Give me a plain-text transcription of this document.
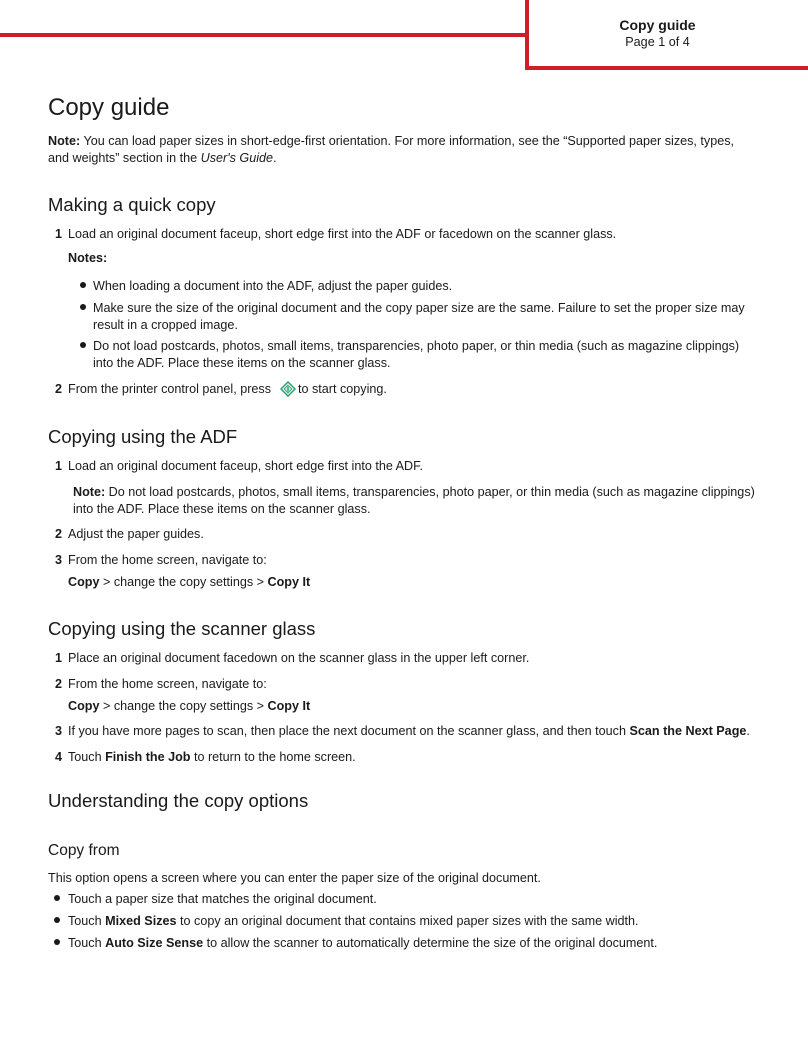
Copy guide
Page 1 of 4
Copy guide

Note: You can load paper sizes in short-edge-first orientation. For more information, see the “Supported paper sizes, types, and weights” section in the User's Guide.

Making a quick copy
1 Load an original document faceup, short edge first into the ADF or facedown on the scanner glass.

Notes:

When loading a document into the ADF, adjust the paper guides.

Make sure the size of the original document and the copy paper size are the same. Failure to set the proper size may result in a cropped image.

Do not load postcards, photos, small items, transparencies, photo paper, or thin media (such as magazine clippings) into the ADF. Place these items on the scanner glass.

2 From the printer control panel, press  to start copying.

Copying using the ADF
1 Load an original document faceup, short edge first into the ADF.

Note: Do not load postcards, photos, small items, transparencies, photo paper, or thin media (such as magazine clippings) into the ADF. Place these items on the scanner glass.

2 Adjust the paper guides.

3 From the home screen, navigate to:

Copy > change the copy settings > Copy It

Copying using the scanner glass
1 Place an original document facedown on the scanner glass in the upper left corner.

2 From the home screen, navigate to:

Copy > change the copy settings > Copy It

3 If you have more pages to scan, then place the next document on the scanner glass, and then touch Scan the Next Page.

4 Touch Finish the Job to return to the home screen.

Understanding the copy options
Copy from

This option opens a screen where you can enter the paper size of the original document.

Touch a paper size that matches the original document.

Touch Mixed Sizes to copy an original document that contains mixed paper sizes with the same width.

Touch Auto Size Sense to allow the scanner to automatically determine the size of the original document.
